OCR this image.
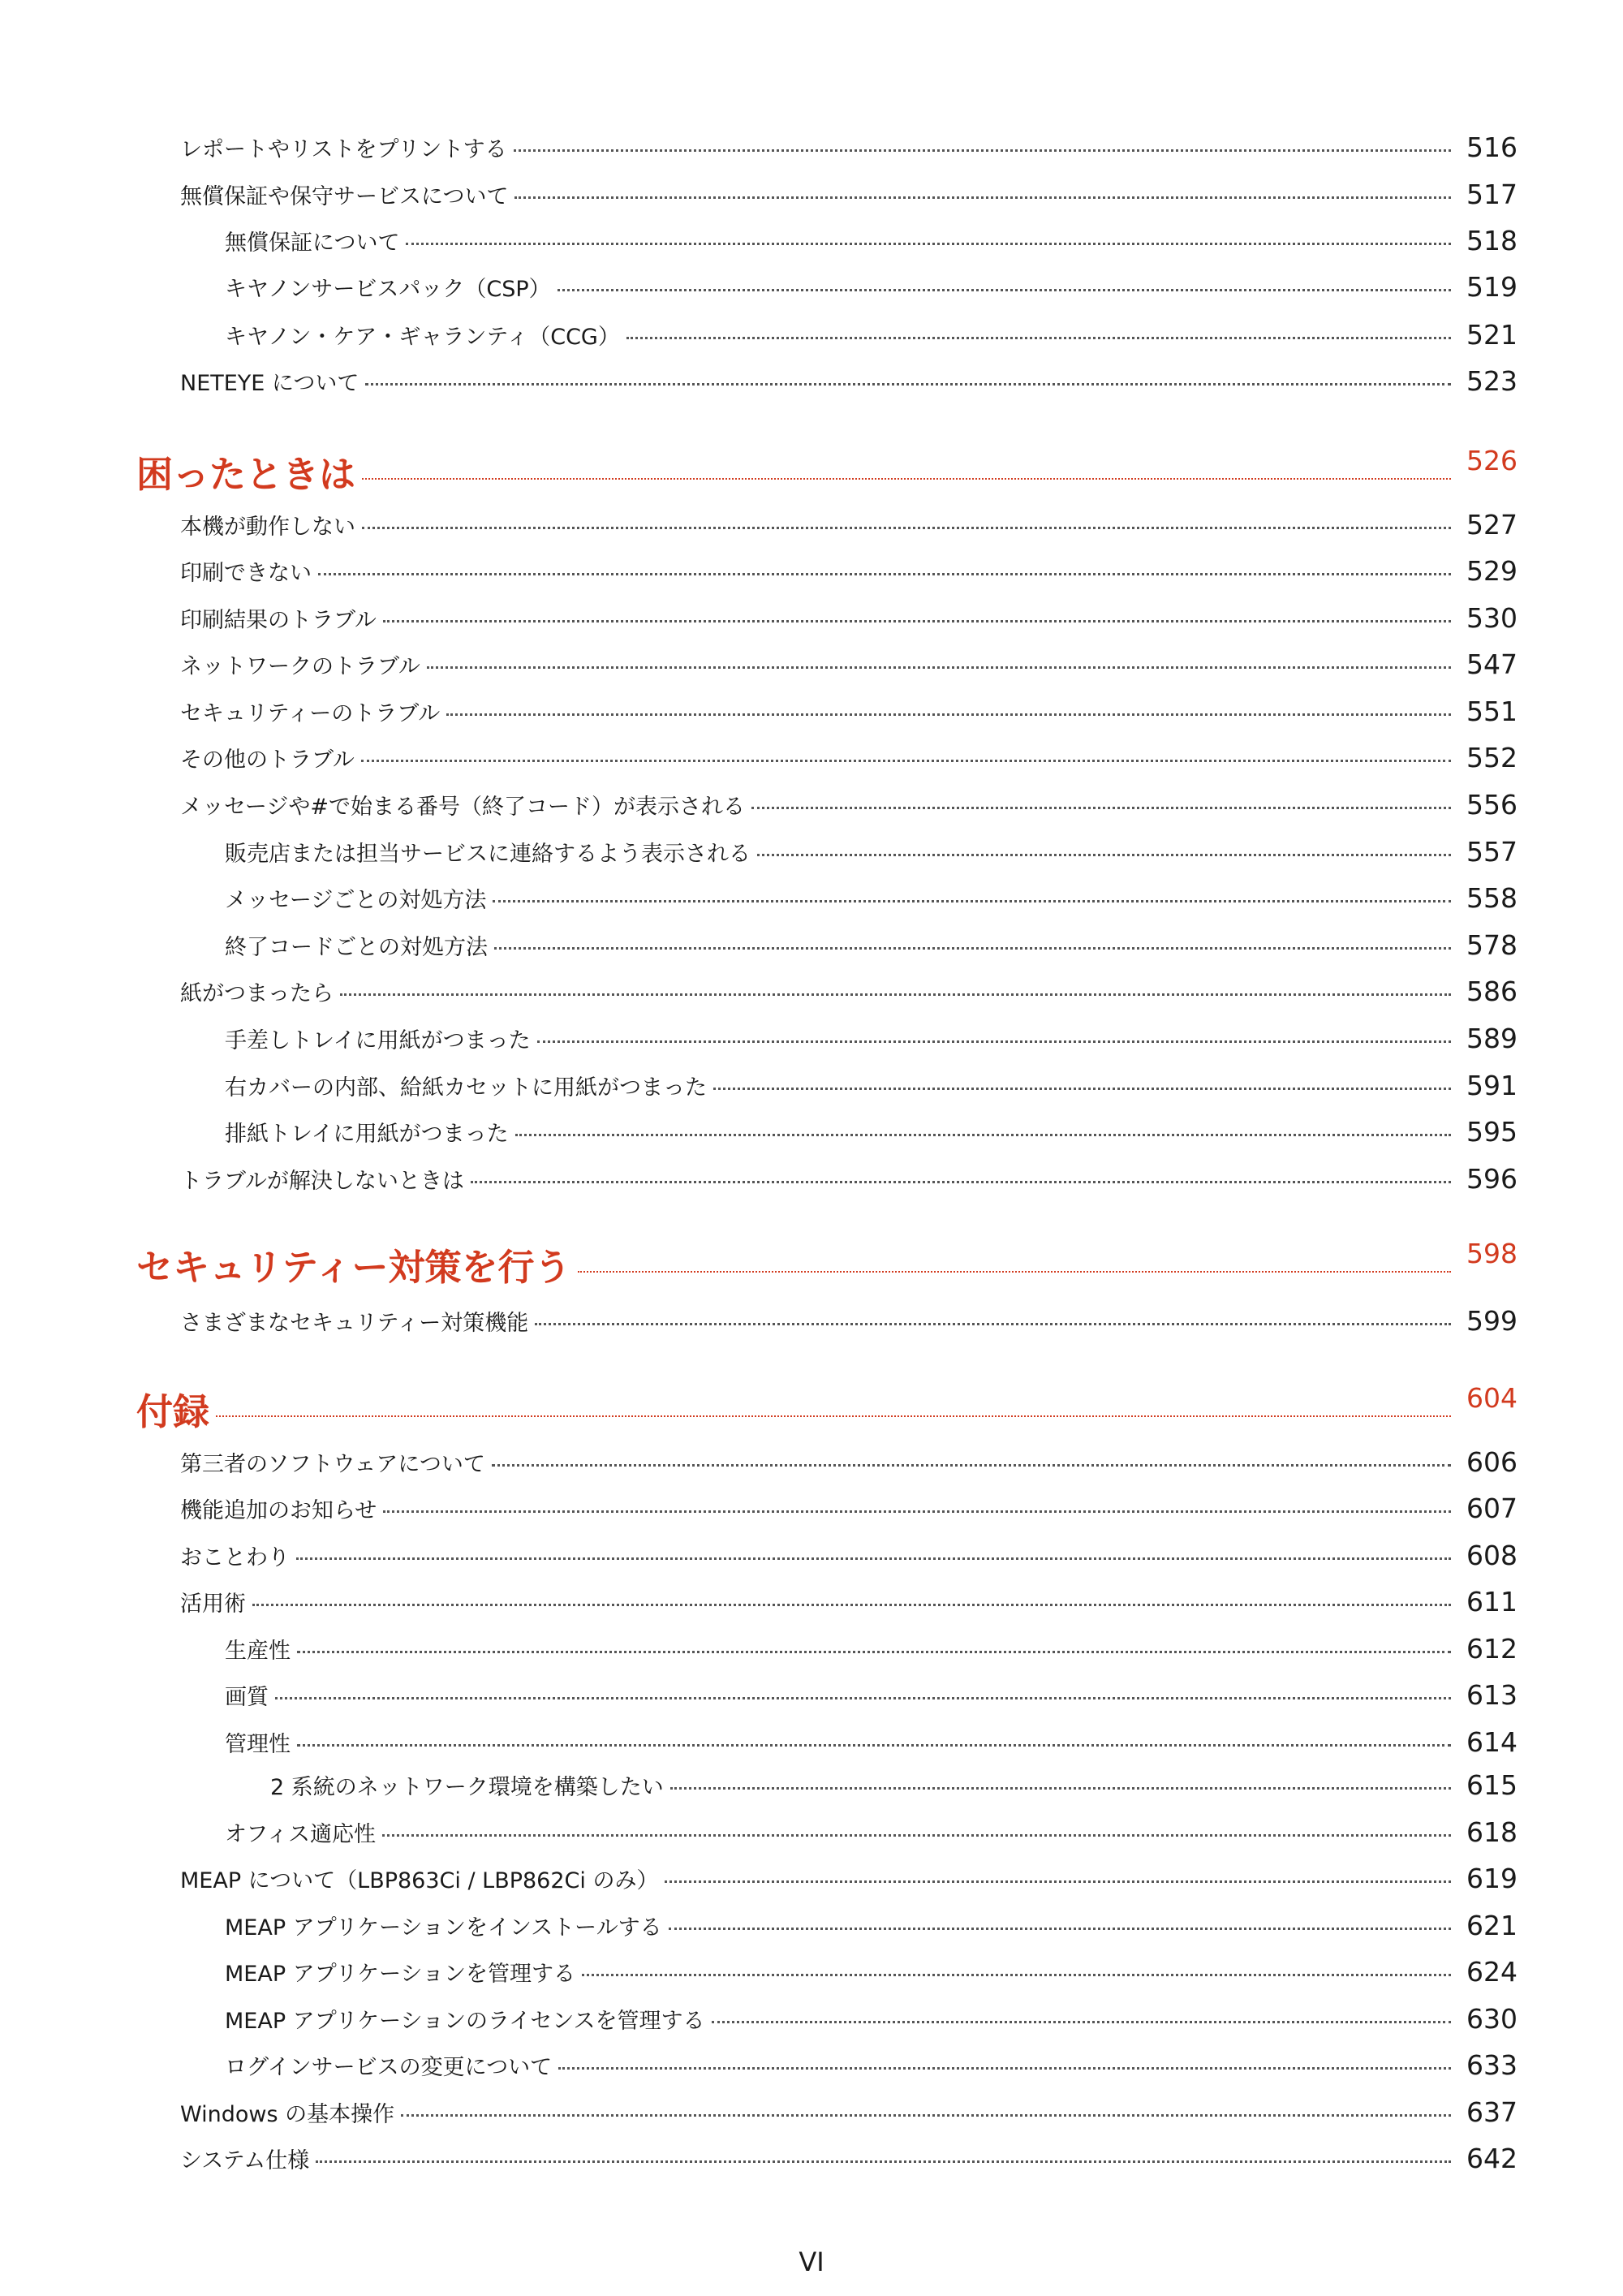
レポートやリストをプリントする	516
無償保証や保守サービスについて	517
無償保証について	518
キヤノンサービスパック（CSP）	519
キヤノン・ケア・ギャランティ（CCG）	521
NETEYE について	523
困ったときは	526
本機が動作しない	527
印刷できない	529
印刷結果のトラブル	530
ネットワークのトラブル	547
セキュリティーのトラブル	551
その他のトラブル	552
メッセージや#で始まる番号（終了コード）が表示される	556
販売店または担当サービスに連絡するよう表示される	557
メッセージごとの対処方法	558
終了コードごとの対処方法	578
紙がつまったら	586
手差しトレイに用紙がつまった	589
右カバーの内部、給紙カセットに用紙がつまった	591
排紙トレイに用紙がつまった	595
トラブルが解決しないときは	596
セキュリティー対策を行う	598
さまざまなセキュリティー対策機能	599
付録	604
第三者のソフトウェアについて	606
機能追加のお知らせ	607
おことわり	608
活用術	611
生産性	612
画質	613
管理性	614
2 系統のネットワーク環境を構築したい	615
オフィス適応性	618
MEAP について（LBP863Ci / LBP862Ci のみ）	619
MEAP アプリケーションをインストールする	621
MEAP アプリケーションを管理する	624
MEAP アプリケーションのライセンスを管理する	630
ログインサービスの変更について	633
Windows の基本操作	637
システム仕様	642
VI
